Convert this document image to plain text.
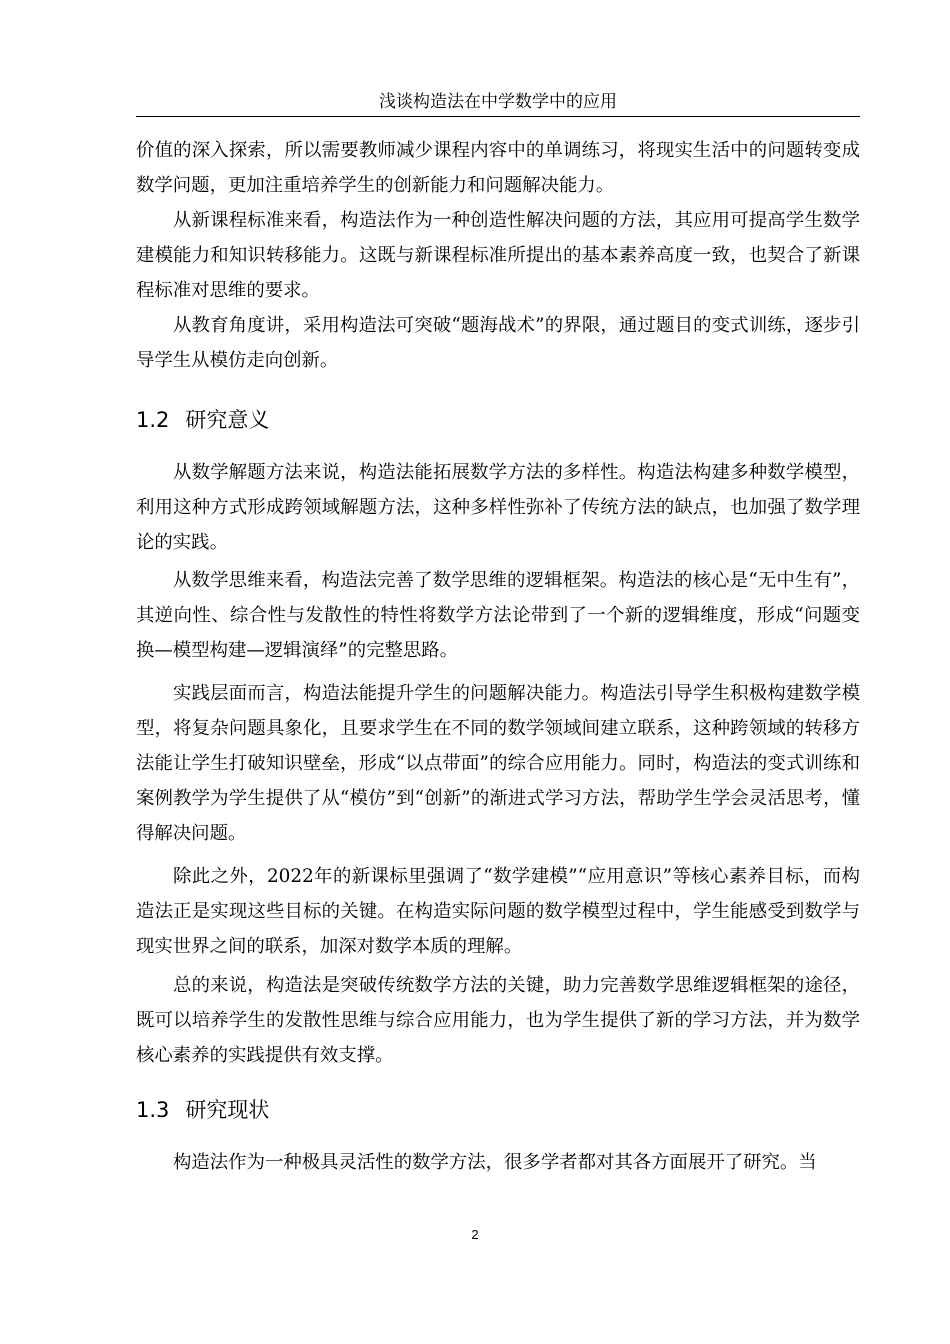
浅谈构造法在中学数学中的应用

价值的深入探索，所以需要教师减少课程内容中的单调练习，将现实生活中的问题转变成数学问题，更加注重培养学生的创新能力和问题解决能力。

从新课程标准来看，构造法作为一种创造性解决问题的方法，其应用可提高学生数学建模能力和知识转移能力。这既与新课程标准所提出的基本素养高度一致，也契合了新课程标准对思维的要求。

从教育角度讲，采用构造法可突破“题海战术”的界限，通过题目的变式训练，逐步引导学生从模仿走向创新。

1.2 研究意义

从数学解题方法来说，构造法能拓展数学方法的多样性。构造法构建多种数学模型，利用这种方式形成跨领域解题方法，这种多样性弥补了传统方法的缺点，也加强了数学理论的实践。

从数学思维来看，构造法完善了数学思维的逻辑框架。构造法的核心是“无中生有”，其逆向性、综合性与发散性的特性将数学方法论带到了一个新的逻辑维度，形成“问题变换—模型构建—逻辑演绎”的完整思路。

实践层面而言，构造法能提升学生的问题解决能力。构造法引导学生积极构建数学模型，将复杂问题具象化，且要求学生在不同的数学领域间建立联系，这种跨领域的转移方法能让学生打破知识壁垒，形成“以点带面”的综合应用能力。同时，构造法的变式训练和案例教学为学生提供了从“模仿”到“创新”的渐进式学习方法，帮助学生学会灵活思考，懂得解决问题。

除此之外，2022年的新课标里强调了“数学建模”“应用意识”等核心素养目标，而构造法正是实现这些目标的关键。在构造实际问题的数学模型过程中，学生能感受到数学与现实世界之间的联系，加深对数学本质的理解。

总的来说，构造法是突破传统数学方法的关键，助力完善数学思维逻辑框架的途径，既可以培养学生的发散性思维与综合应用能力，也为学生提供了新的学习方法，并为数学核心素养的实践提供有效支撑。

1.3 研究现状

构造法作为一种极具灵活性的数学方法，很多学者都对其各方面展开了研究。当

2
